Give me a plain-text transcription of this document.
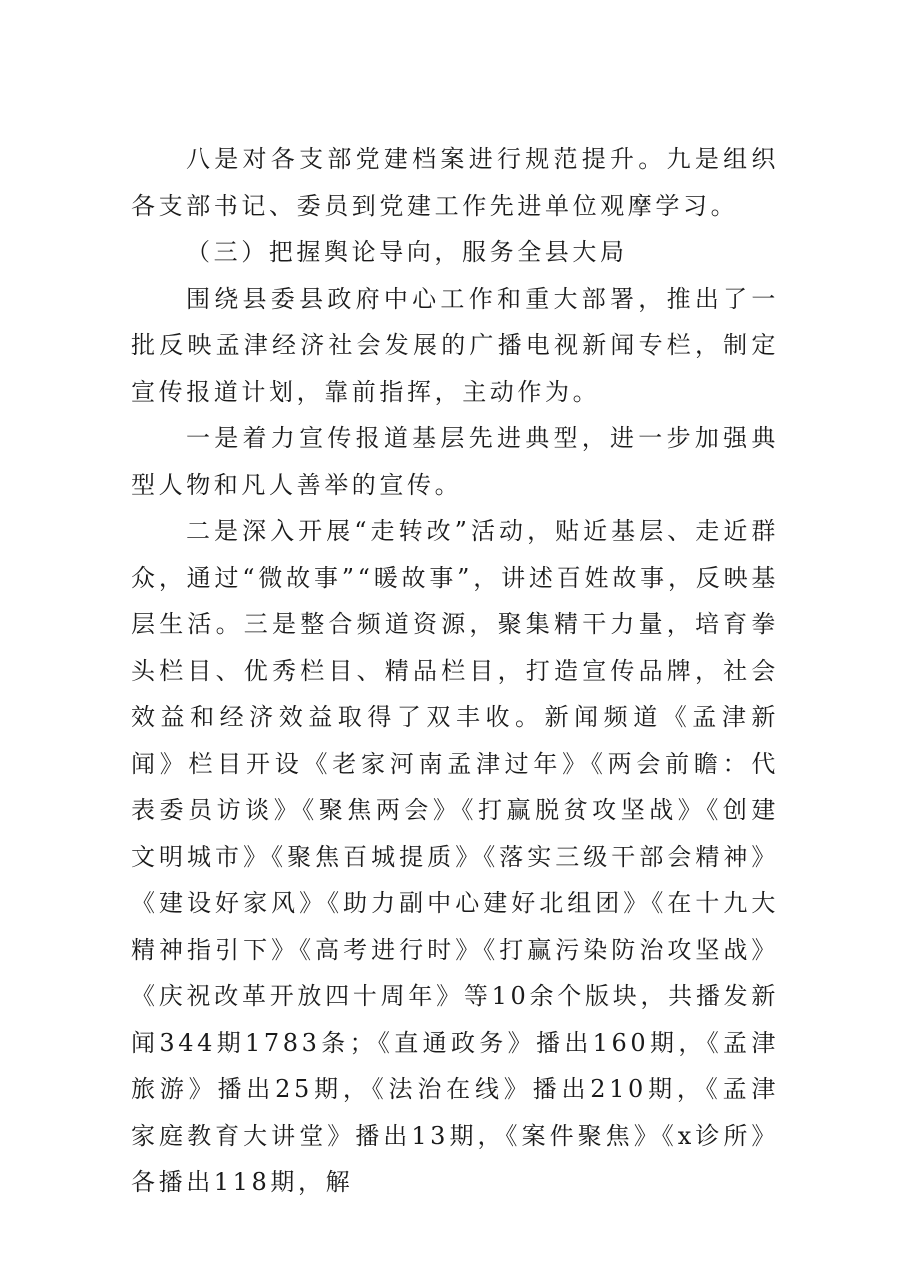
八是对各支部党建档案进行规范提升。九是组织各支部书记、委员到党建工作先进单位观摩学习。

（三）把握舆论导向，服务全县大局

围绕县委县政府中心工作和重大部署，推出了一批反映孟津经济社会发展的广播电视新闻专栏，制定宣传报道计划，靠前指挥，主动作为。

一是着力宣传报道基层先进典型，进一步加强典型人物和凡人善举的宣传。

二是深入开展“走转改”活动，贴近基层、走近群众，通过“微故事”“暖故事”，讲述百姓故事，反映基层生活。三是整合频道资源，聚集精干力量，培育拳头栏目、优秀栏目、精品栏目，打造宣传品牌，社会效益和经济效益取得了双丰收。新闻频道《孟津新闻》栏目开设《老家河南孟津过年》《两会前瞻：代表委员访谈》《聚焦两会》《打赢脱贫攻坚战》《创建文明城市》《聚焦百城提质》《落实三级干部会精神》《建设好家风》《助力副中心建好北组团》《在十九大精神指引下》《高考进行时》《打赢污染防治攻坚战》《庆祝改革开放四十周年》等10余个版块，共播发新闻344期1783条；《直通政务》播出160期，《孟津旅游》播出25期，《法治在线》播出210期，《孟津家庭教育大讲堂》播出13期，《案件聚焦》《x诊所》各播出118期，解
